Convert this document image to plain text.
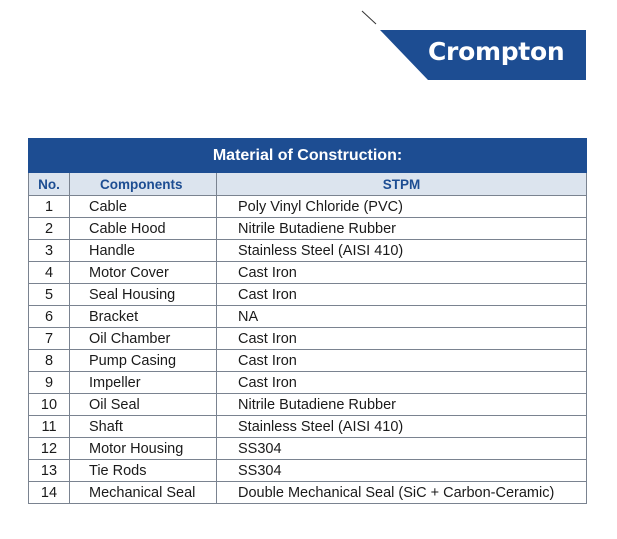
Crompton
Material of Construction:		
No.	Components	STPM
1	Cable	Poly Vinyl Chloride (PVC)
2	Cable Hood	Nitrile Butadiene Rubber
3	Handle	Stainless Steel (AISI 410)
4	Motor Cover	Cast Iron
5	Seal Housing	Cast Iron
6	Bracket	NA
7	Oil Chamber	Cast Iron
8	Pump Casing	Cast Iron
9	Impeller	Cast Iron
10	Oil Seal	Nitrile Butadiene Rubber
11	Shaft	Stainless Steel (AISI 410)
12	Motor Housing	SS304
13	Tie Rods	SS304
14	Mechanical Seal	Double Mechanical Seal (SiC + Carbon-Ceramic)
